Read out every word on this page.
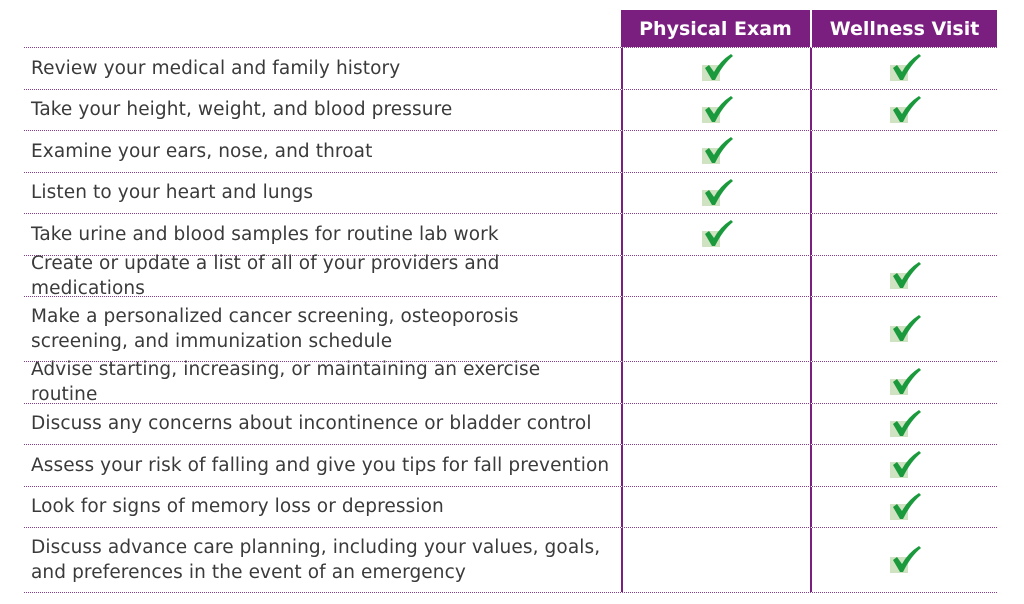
Physical Exam	Wellness Visit
Review your medical and family history
Take your height, weight, and blood pressure
Examine your ears, nose, and throat
Listen to your heart and lungs
Take urine and blood samples for routine lab work
Create or update a list of all of your providers and medications
Make a personalized cancer screening, osteoporosis
screening, and immunization schedule
Advise starting, increasing, or maintaining an exercise routine
Discuss any concerns about incontinence or bladder control
Assess your risk of falling and give you tips for fall prevention
Look for signs of memory loss or depression
Discuss advance care planning, including your values, goals,
and preferences in the event of an emergency
